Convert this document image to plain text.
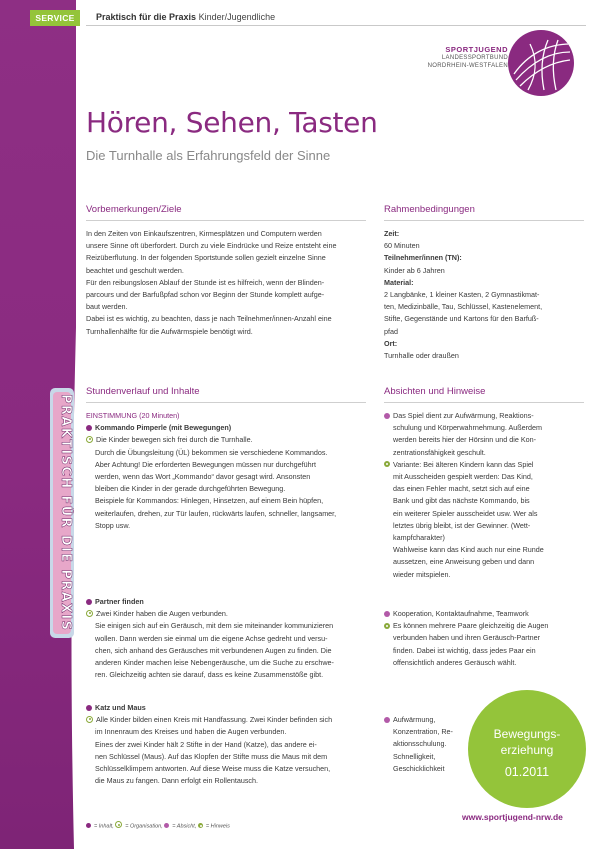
SERVICE	Praktisch für die Praxis Kinder/Jugendliche
PRAKTISCH FÜR DIE PRAXIS
SPORTJUGEND
LANDESSPORTBUND
NORDRHEIN-WESTFALEN
Hören, Sehen, Tasten
Die Turnhalle als Erfahrungsfeld der Sinne
Vorbemerkungen/Ziele

In den Zeiten von Einkaufszentren, Kirmesplätzen und Computern werden

unsere Sinne oft überfordert. Durch zu viele Eindrücke und Reize entsteht eine

Reizüberflutung. In der folgenden Sportstunde sollen gezielt einzelne Sinne

beachtet und geschult werden.

Für den reibungslosen Ablauf der Stunde ist es hilfreich, wenn der Blinden-

parcours und der Barfußpfad schon vor Beginn der Stunde komplett aufge-

baut werden.

Dabei ist es wichtig, zu beachten, dass je nach Teilnehmer/innen-Anzahl eine

Turnhallenhälfte für die Aufwärmspiele benötigt wird.

Rahmenbedingungen

Zeit:

60 Minuten

Teilnehmer/innen (TN):

Kinder ab 6 Jahren

Material:

2 Langbänke, 1 kleiner Kasten, 2 Gymnastikmat-

ten, Medizinbälle, Tau, Schlüssel, Kastenelement,

Stifte, Gegenstände und Kartons für den Barfuß-

pfad

Ort:

Turnhalle oder draußen

Stundenverlauf und Inhalte

EINSTIMMUNG (20 Minuten)

Kommando Pimperle (mit Bewegungen)

Die Kinder bewegen sich frei durch die Turnhalle.

Durch die Übungsleitung (ÜL) bekommen sie verschiedene Kommandos.

Aber Achtung! Die erforderten Bewegungen müssen nur durchgeführt

werden, wenn das Wort „Kommando“ davor gesagt wird. Ansonsten

bleiben die Kinder in der gerade durchgeführten Bewegung.

Beispiele für Kommandos: Hinlegen, Hinsetzen, auf einem Bein hüpfen,

weiterlaufen, drehen, zur Tür laufen, rückwärts laufen, schneller, langsamer,

Stopp usw.

Partner finden

Zwei Kinder haben die Augen verbunden.

Sie einigen sich auf ein Geräusch, mit dem sie miteinander kommunizieren

wollen. Dann werden sie einmal um die eigene Achse gedreht und versu-

chen, sich anhand des Geräusches mit verbundenen Augen zu finden. Die

anderen Kinder machen leise Nebengeräusche, um die Suche zu erschwe-

ren. Gleichzeitig achten sie darauf, dass es keine Zusammenstöße gibt.

Katz und Maus

Alle Kinder bilden einen Kreis mit Handfassung. Zwei Kinder befinden sich

im Innenraum des Kreises und haben die Augen verbunden.

Eines der zwei Kinder hält 2 Stifte in der Hand (Katze), das andere ei-

nen Schlüssel (Maus). Auf das Klopfen der Stifte muss die Maus mit dem

Schlüsselklimpern antworten. Auf diese Weise muss die Katze versuchen,

die Maus zu fangen. Dann erfolgt ein Rollentausch.

Absichten und Hinweise

Das Spiel dient zur Aufwärmung, Reaktions-

schulung und Körperwahrnehmung. Außerdem

werden bereits hier der Hörsinn und die Kon-

zentrationsfähigkeit geschult.

Variante: Bei älteren Kindern kann das Spiel

mit Ausscheiden gespielt werden: Das Kind,

das einen Fehler macht, setzt sich auf eine

Bank und gibt das nächste Kommando, bis

ein weiterer Spieler ausscheidet usw. Wer als

letztes übrig bleibt, ist der Gewinner. (Wett-

kampfcharakter)

Wahlweise kann das Kind auch nur eine Runde

aussetzen, eine Anweisung geben und dann

wieder mitspielen.

Kooperation, Kontaktaufnahme, Teamwork

Es können mehrere Paare gleichzeitig die Augen

verbunden haben und ihren Geräusch-Partner

finden. Dabei ist wichtig, dass jedes Paar ein

offensichtlich anderes Geräusch wählt.

Aufwärmung,

Konzentration, Re-

aktionsschulung.

Schnelligkeit,

Geschicklichkeit

Bewegungs-
erziehung
01.2011
www.sportjugend-nrw.de
= Inhalt, = Organisation, = Absicht, = Hinweis
